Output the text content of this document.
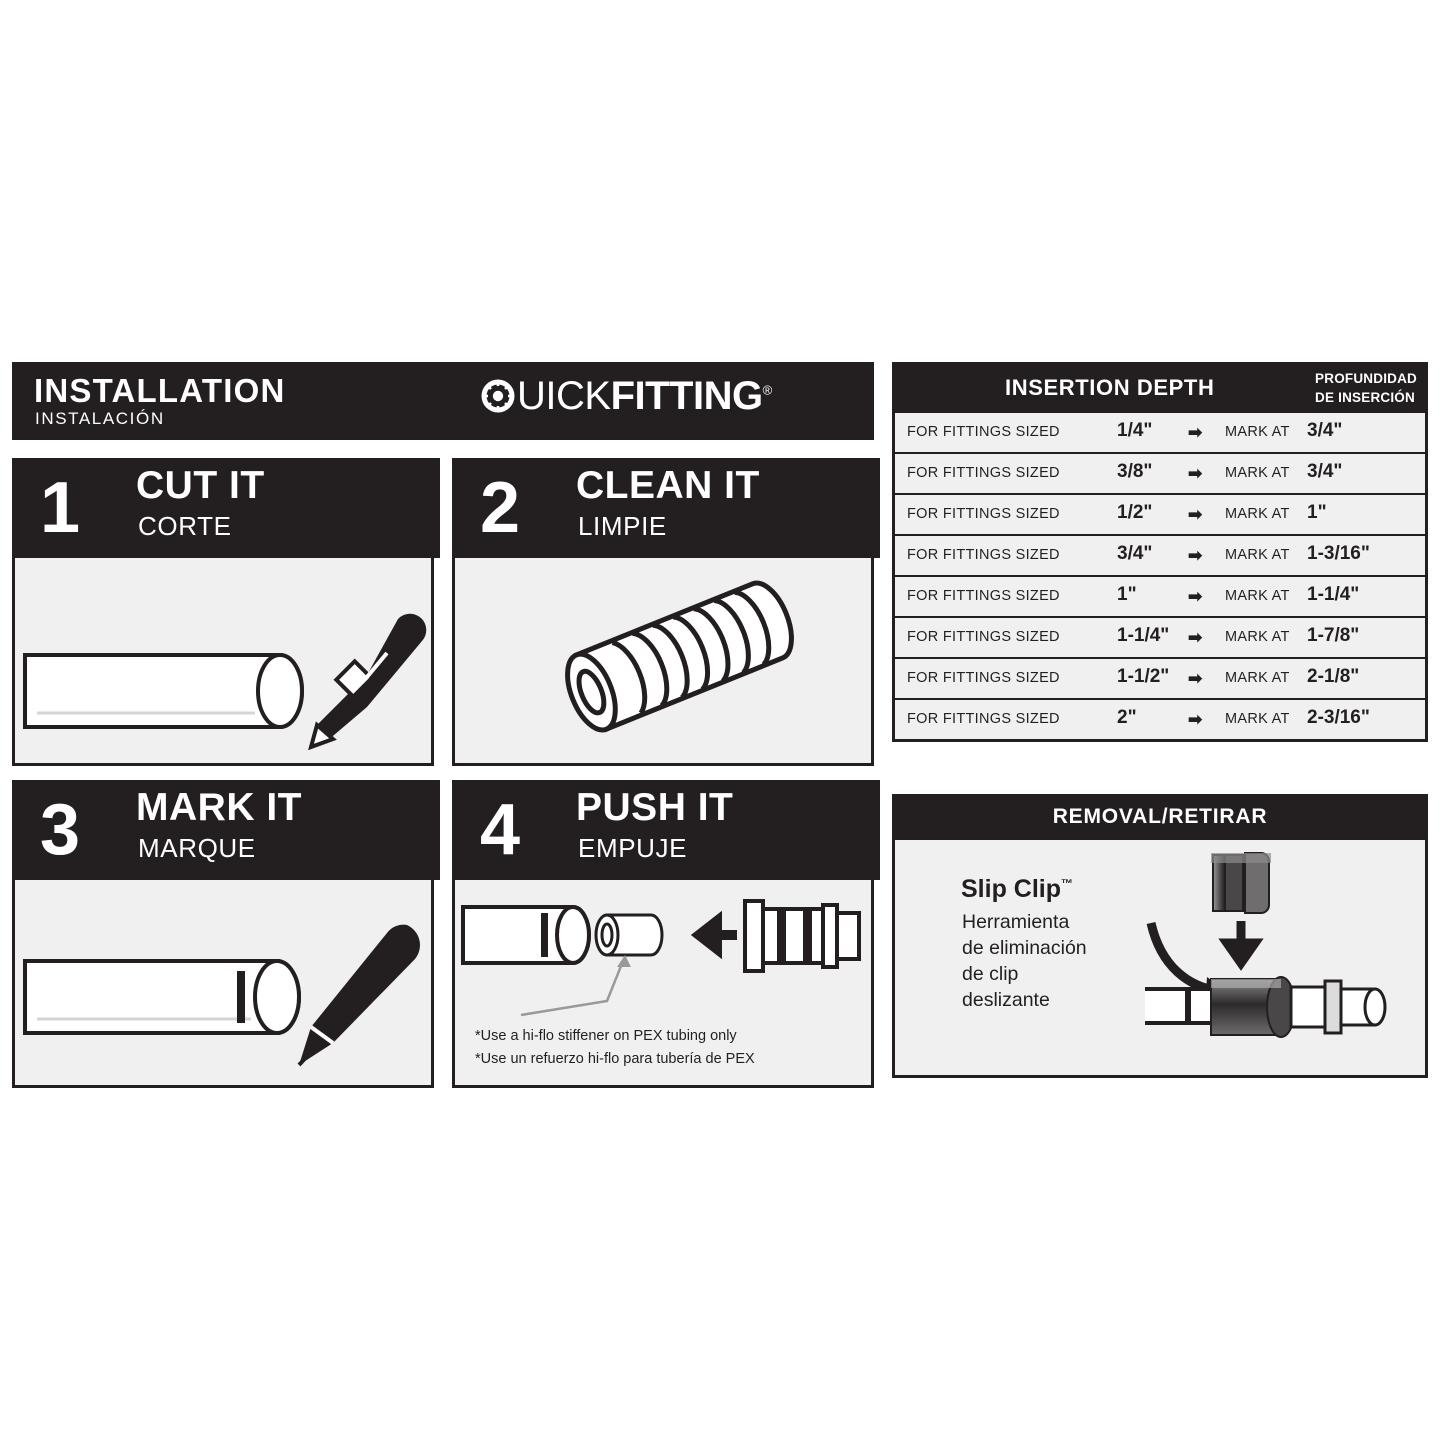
INSTALLATION
INSTALACIÓN
UICKFITTING®
1	CUT IT
CORTE	2	CLEAN IT
LIMPIE
3	MARK IT
MARQUE	4	PUSH IT
EMPUJE
*Use a hi-flo stiffener on PEX tubing only
*Use un refuerzo hi-flo para tubería de PEX
INSERTION DEPTH	PROFUNDIDAD
DE INSERCIÓN
FOR FITTINGS SIZED	1/4" ➡ MARK AT 3/4"
FOR FITTINGS SIZED	3/8" ➡ MARK AT 3/4"
FOR FITTINGS SIZED	1/2" ➡ MARK AT 1"
FOR FITTINGS SIZED	3/4" ➡ MARK AT 1-3/16"
FOR FITTINGS SIZED	1"	➡ MARK AT 1-1/4"
FOR FITTINGS SIZED	1-1/4" ➡ MARK AT 1-7/8"
FOR FITTINGS SIZED	1-1/2" ➡ MARK AT 2-1/8"
FOR FITTINGS SIZED	2"	➡ MARK AT 2-3/16"
REMOVAL/RETIRAR
Slip Clip™
Herramienta
de eliminación
de clip
deslizante
